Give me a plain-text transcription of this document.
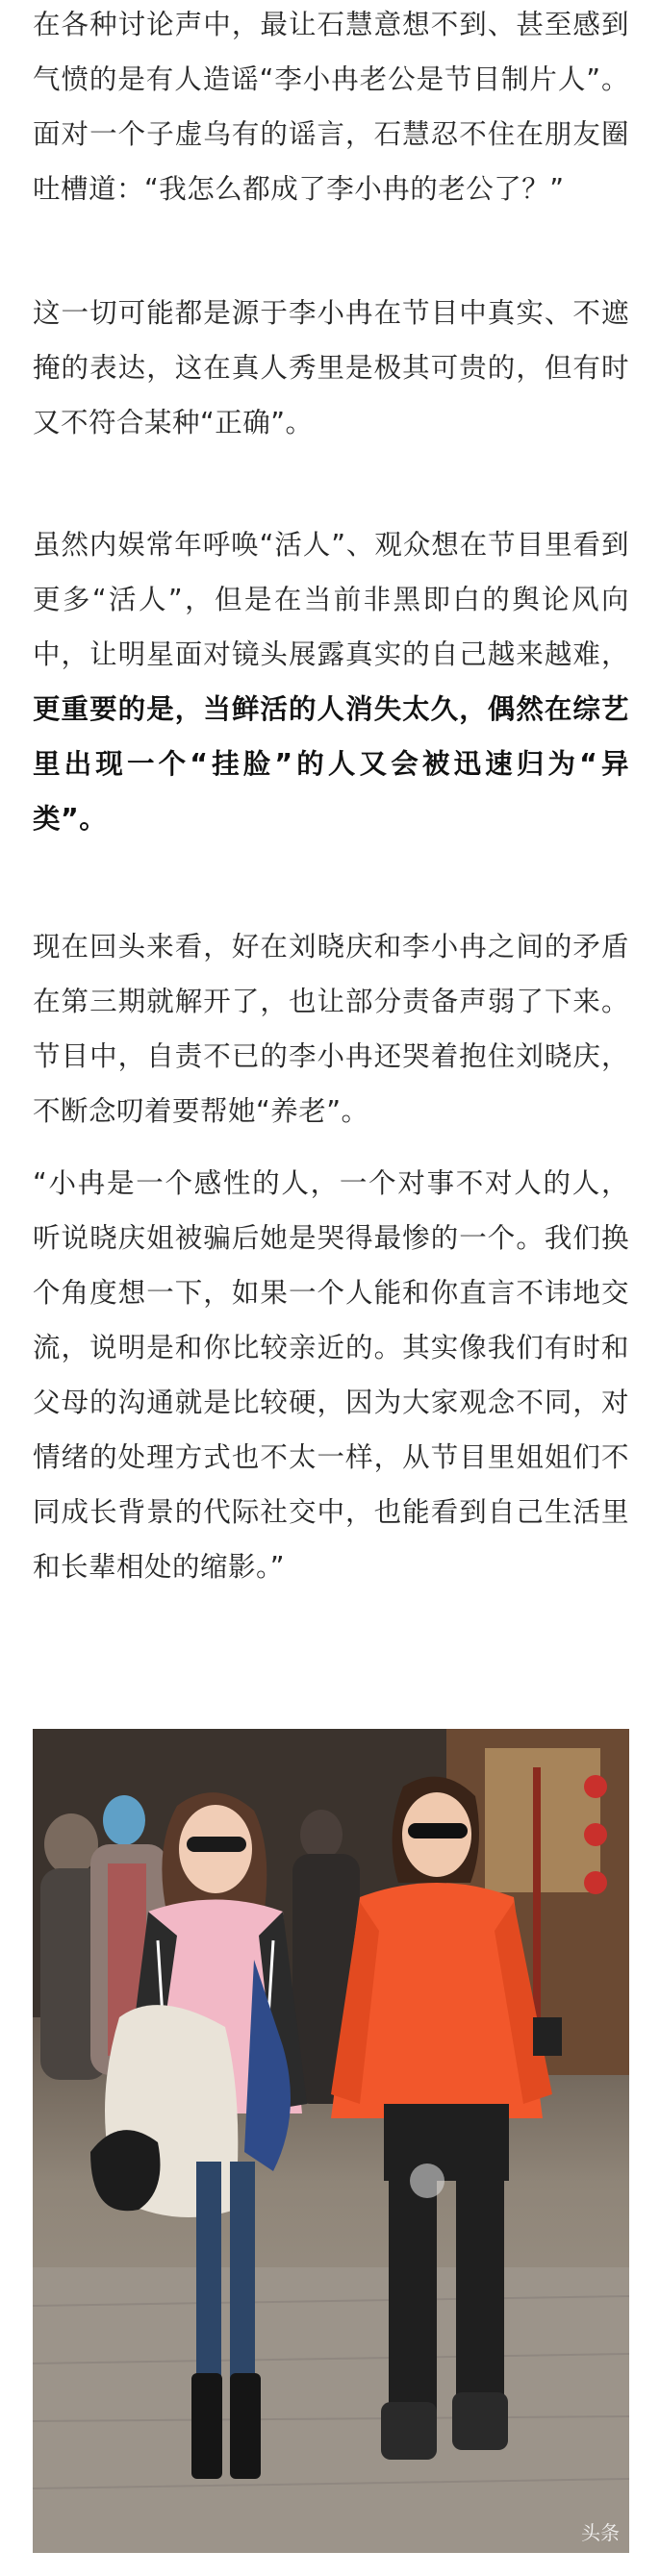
在各种讨论声中，最让石慧意想不到、甚至感到气愤的是有人造谣“李小冉老公是节目制片人”。面对一个子虚乌有的谣言，石慧忍不住在朋友圈吐槽道：“我怎么都成了李小冉的老公了？”

这一切可能都是源于李小冉在节目中真实、不遮掩的表达，这在真人秀里是极其可贵的，但有时又不符合某种“正确”。

虽然内娱常年呼唤“活人”、观众想在节目里看到更多“活人”，但是在当前非黑即白的舆论风向中，让明星面对镜头展露真实的自己越来越难，更重要的是，当鲜活的人消失太久，偶然在综艺里出现一个“挂脸”的人又会被迅速归为“异类”。

现在回头来看，好在刘晓庆和李小冉之间的矛盾在第三期就解开了，也让部分责备声弱了下来。节目中，自责不已的李小冉还哭着抱住刘晓庆，不断念叨着要帮她“养老”。

“小冉是一个感性的人，一个对事不对人的人，听说晓庆姐被骗后她是哭得最惨的一个。我们换个角度想一下，如果一个人能和你直言不讳地交流，说明是和你比较亲近的。其实像我们有时和父母的沟通就是比较硬，因为大家观念不同，对情绪的处理方式也不太一样，从节目里姐姐们不同成长背景的代际社交中，也能看到自己生活里和长辈相处的缩影。”

头条
